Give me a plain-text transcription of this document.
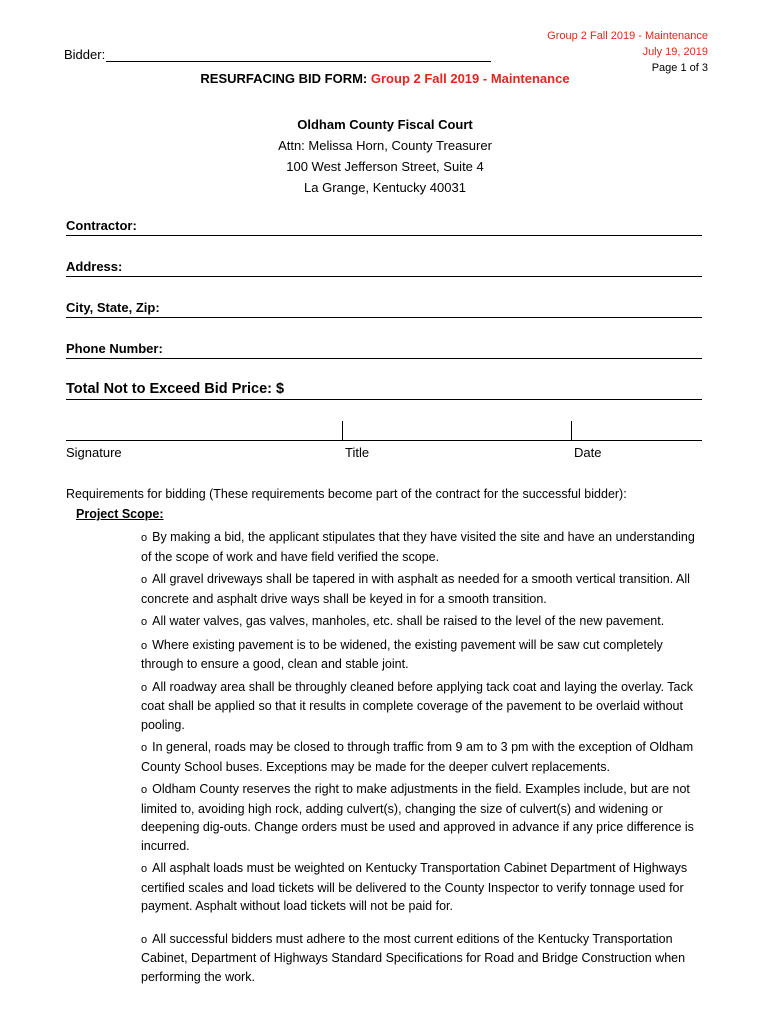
Group 2 Fall 2019 - Maintenance
July 19, 2019
Page 1 of 3
Bidder:
RESURFACING BID FORM: Group 2 Fall 2019 - Maintenance
Oldham County Fiscal Court
Attn: Melissa Horn, County Treasurer
100 West Jefferson Street, Suite 4
La Grange, Kentucky 40031
Contractor:
Address:
City, State, Zip:
Phone Number:
Total Not to Exceed Bid Price: $
Signature	Title	Date
Requirements for bidding (These requirements become part of the contract for the successful bidder):
Project Scope:
o By making a bid, the applicant stipulates that they have visited the site and have an understanding of the scope of work and have field verified the scope.
o All gravel driveways shall be tapered in with asphalt as needed for a smooth vertical transition. All concrete and asphalt drive ways shall be keyed in for a smooth transition.
o All water valves, gas valves, manholes, etc. shall be raised to the level of the new pavement.
o Where existing pavement is to be widened, the existing pavement will be saw cut completely through to ensure a good, clean and stable joint.
o All roadway area shall be throughly cleaned before applying tack coat and laying the overlay. Tack coat shall be applied so that it results in complete coverage of the pavement to be overlaid without pooling.
o In general, roads may be closed to through traffic from 9 am to 3 pm with the exception of Oldham County School buses. Exceptions may be made for the deeper culvert replacements.
o Oldham County reserves the right to make adjustments in the field. Examples include, but are not limited to, avoiding high rock, adding culvert(s), changing the size of culvert(s) and widening or deepening dig-outs. Change orders must be used and approved in advance if any price difference is incurred.
o All asphalt loads must be weighted on Kentucky Transportation Cabinet Department of Highways certified scales and load tickets will be delivered to the County Inspector to verify tonnage used for payment. Asphalt without load tickets will not be paid for.
o All successful bidders must adhere to the most current editions of the Kentucky Transportation Cabinet, Department of Highways Standard Specifications for Road and Bridge Construction when performing the work.
